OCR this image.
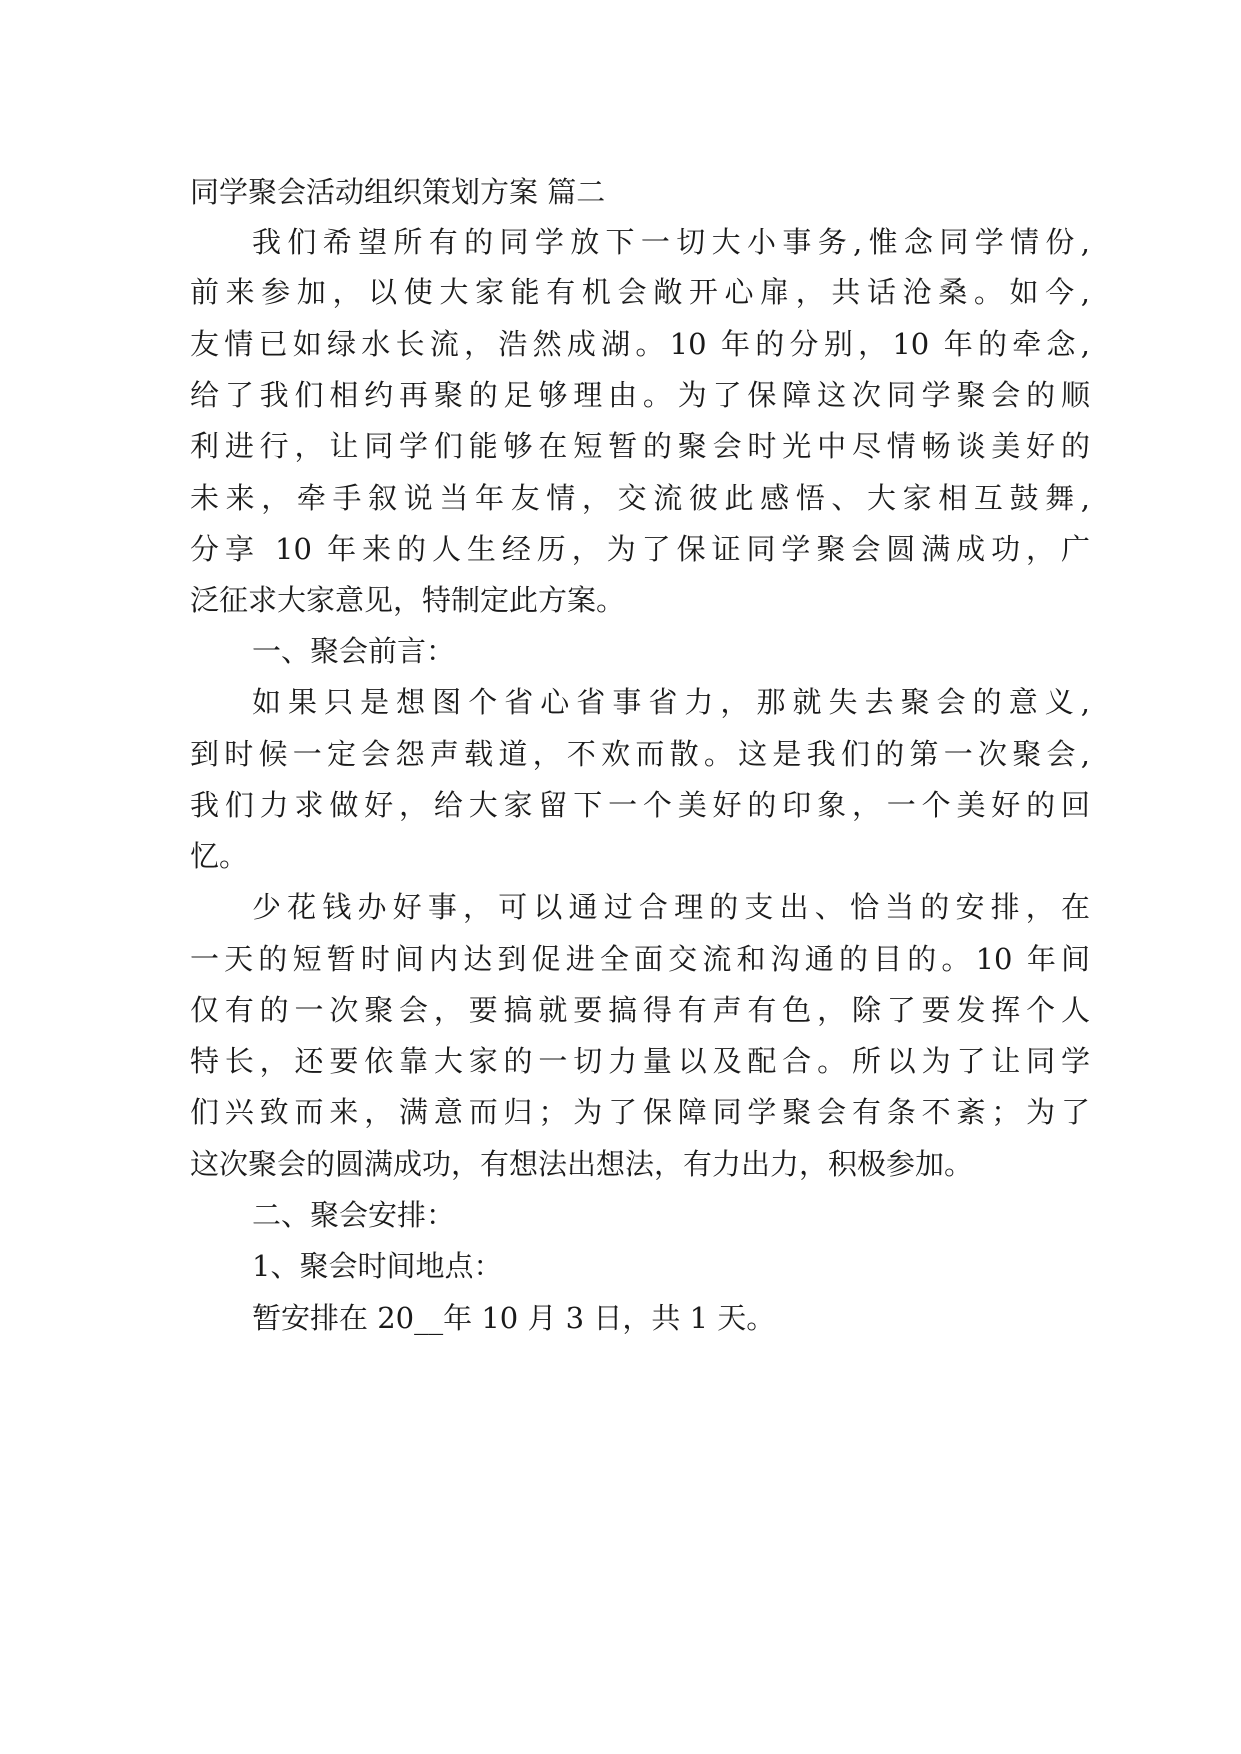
同学聚会活动组织策划方案 篇二
我们希望所有的同学放下一切大小事务,惟念同学情份,
前来参加，以使大家能有机会敞开心扉，共话沧桑。如今,
友情已如绿水长流，浩然成湖。10 年的分别，10 年的牵念,
给了我们相约再聚的足够理由。为了保障这次同学聚会的顺
利进行，让同学们能够在短暂的聚会时光中尽情畅谈美好的
未来，牵手叙说当年友情，交流彼此感悟、大家相互鼓舞,
分享 10 年来的人生经历，为了保证同学聚会圆满成功，广
泛征求大家意见，特制定此方案。
一、聚会前言：
如果只是想图个省心省事省力，那就失去聚会的意义,
到时候一定会怨声载道，不欢而散。这是我们的第一次聚会,
我们力求做好，给大家留下一个美好的印象，一个美好的回
忆。
少花钱办好事，可以通过合理的支出、恰当的安排，在
一天的短暂时间内达到促进全面交流和沟通的目的。10 年间
仅有的一次聚会，要搞就要搞得有声有色，除了要发挥个人
特长，还要依靠大家的一切力量以及配合。所以为了让同学
们兴致而来，满意而归；为了保障同学聚会有条不紊；为了
这次聚会的圆满成功，有想法出想法，有力出力，积极参加。
二、聚会安排：
1、聚会时间地点：
暂安排在 20__年 10 月 3 日，共 1 天。
